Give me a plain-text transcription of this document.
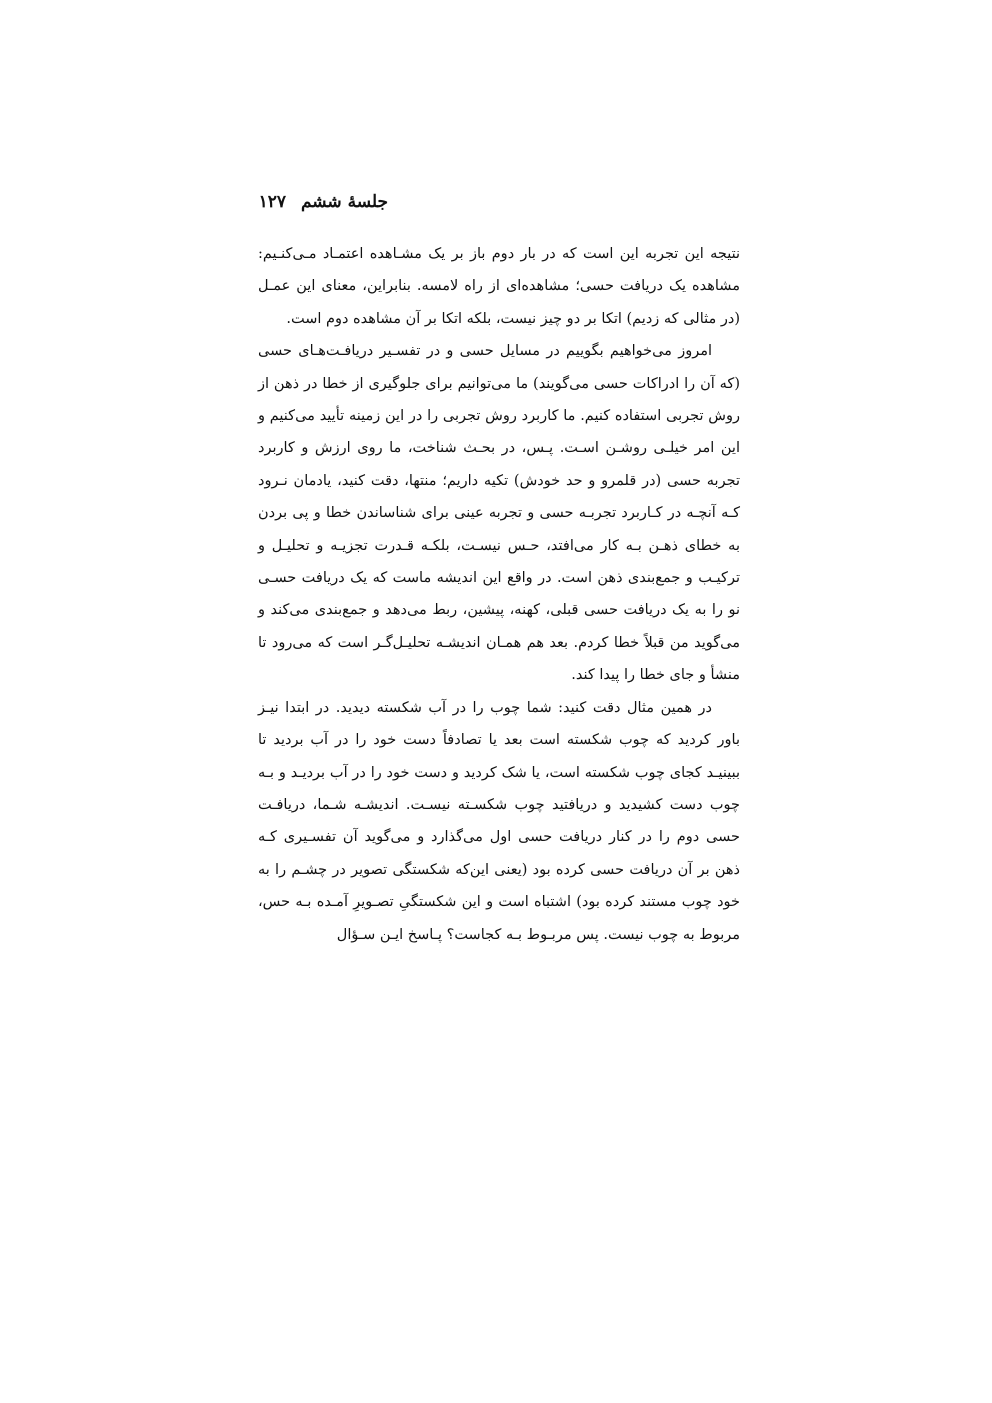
جلسهٔ ششم
۱۲۷

نتیجه این تجربه این است که در بار دوم باز بر یک مشـاهده اعتمـاد مـی‌کنـیم: مشاهده یک دریافت حسی؛ مشاهده‌ای از راه لامسه. بنابراین، معنای این عمـل (در مثالی که زدیم) اتکا بر دو چیز نیست، بلکه اتکا بر آن مشاهده دوم است.

امروز می‌خواهیم بگوییم در مسایل حسی و در تفسـیر دریافـت‌هـای حسی (که آن را ادراکات حسی می‌گویند) ما می‌توانیم برای جلوگیری از خطا در ذهن از روش تجربی استفاده کنیم. ما کاربرد روش تجربی را در این زمینه تأیید می‌کنیم و این امر خیلـی روشـن اسـت. پـس، در بحـث شناخت، ما روی ارزش و کاربرد تجربه حسی (در قلمرو و حد خودش) تکیه داریم؛ منتها، دقت کنید، یادمان نـرود کـه آنچـه در کـاربرد تجربـه حسی و تجربه عینی برای شناساندن خطا و پی بردن به خطای ذهـن بـه کار می‌افتد، حـس نیسـت، بلکـه قـدرت تجزیـه و تحلیـل و ترکیـب و جمع‌بندی ذهن است. در واقع این اندیشه ماست که یک دریافت حسـی نو را به یک دریافت حسی قبلی، کهنه، پیشین، ربط می‌دهد و جمع‌بندی می‌کند و می‌گوید من قبلاً خطا کردم. بعد هم همـان اندیشـه تحلیـل‌گـر است که می‌رود تا منشأ و جای خطا را پیدا کند.

در همین مثال دقت کنید: شما چوب را در آب شکسته دیدید. در ابتدا نیـز باور کردید که چوب شکسته است بعد یا تصادفاً دست خود را در آب بردید تا ببینیـد کجای چوب شکسته است، یا شک کردید و دست خود را در آب بردیـد و بـه چوب دست کشیدید و دریافتید چوب شکسـته نیسـت. اندیشـه شـما، دریافـت حسی دوم را در کنار دریافت حسی اول می‌گذارد و می‌گوید آن تفسـیری کـه ذهن بر آن دریافت حسی کرده بود (یعنی این‌که شکستگی تصویر در چشـم را به خود چوب مستند کرده بود) اشتباه است و این شکستگیِ تصـویرِ آمـده بـه حس، مربوط به چوب نیست. پس مربـوط بـه کجاست؟ پـاسخ ایـن سـؤال
